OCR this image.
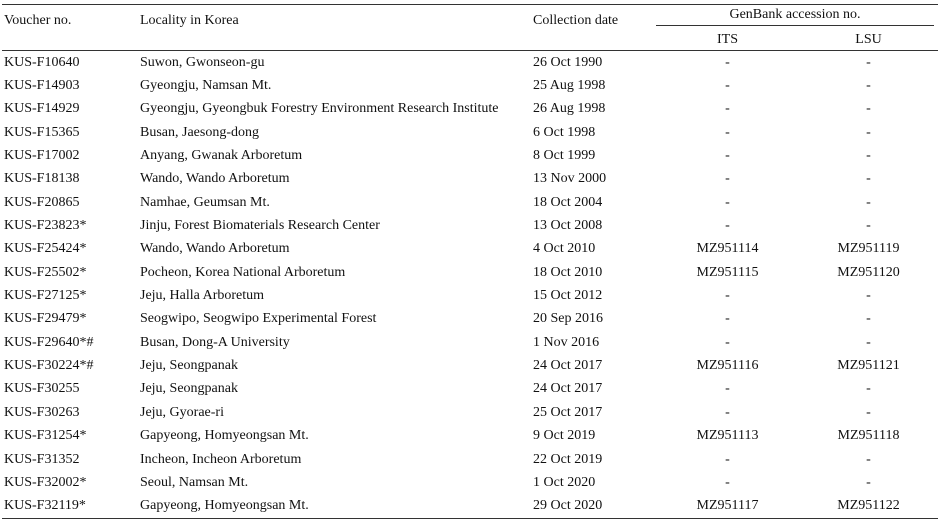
Voucher no.	Locality in Korea	Collection date	GenBank accession no.	

			ITS	LSU
KUS-F10640	Suwon, Gwonseon-gu	26 Oct 1990	-	-
KUS-F14903	Gyeongju, Namsan Mt.	25 Aug 1998	-	-
KUS-F14929	Gyeongju, Gyeongbuk Forestry Environment Research Institute	26 Aug 1998	-	-
KUS-F15365	Busan, Jaesong-dong	6 Oct 1998	-	-
KUS-F17002	Anyang, Gwanak Arboretum	8 Oct 1999	-	-
KUS-F18138	Wando, Wando Arboretum	13 Nov 2000	-	-
KUS-F20865	Namhae, Geumsan Mt.	18 Oct 2004	-	-
KUS-F23823*	Jinju, Forest Biomaterials Research Center	13 Oct 2008	-	-
KUS-F25424*	Wando, Wando Arboretum	4 Oct 2010	MZ951114	MZ951119
KUS-F25502*	Pocheon, Korea National Arboretum	18 Oct 2010	MZ951115	MZ951120
KUS-F27125*	Jeju, Halla Arboretum	15 Oct 2012	-	-
KUS-F29479*	Seogwipo, Seogwipo Experimental Forest	20 Sep 2016	-	-
KUS-F29640*#	Busan, Dong-A University	1 Nov 2016	-	-
KUS-F30224*#	Jeju, Seongpanak	24 Oct 2017	MZ951116	MZ951121
KUS-F30255	Jeju, Seongpanak	24 Oct 2017	-	-
KUS-F30263	Jeju, Gyorae-ri	25 Oct 2017	-	-
KUS-F31254*	Gapyeong, Homyeongsan Mt.	9 Oct 2019	MZ951113	MZ951118
KUS-F31352	Incheon, Incheon Arboretum	22 Oct 2019	-	-
KUS-F32002*	Seoul, Namsan Mt.	1 Oct 2020	-	-
KUS-F32119*	Gapyeong, Homyeongsan Mt.	29 Oct 2020	MZ951117	MZ951122
